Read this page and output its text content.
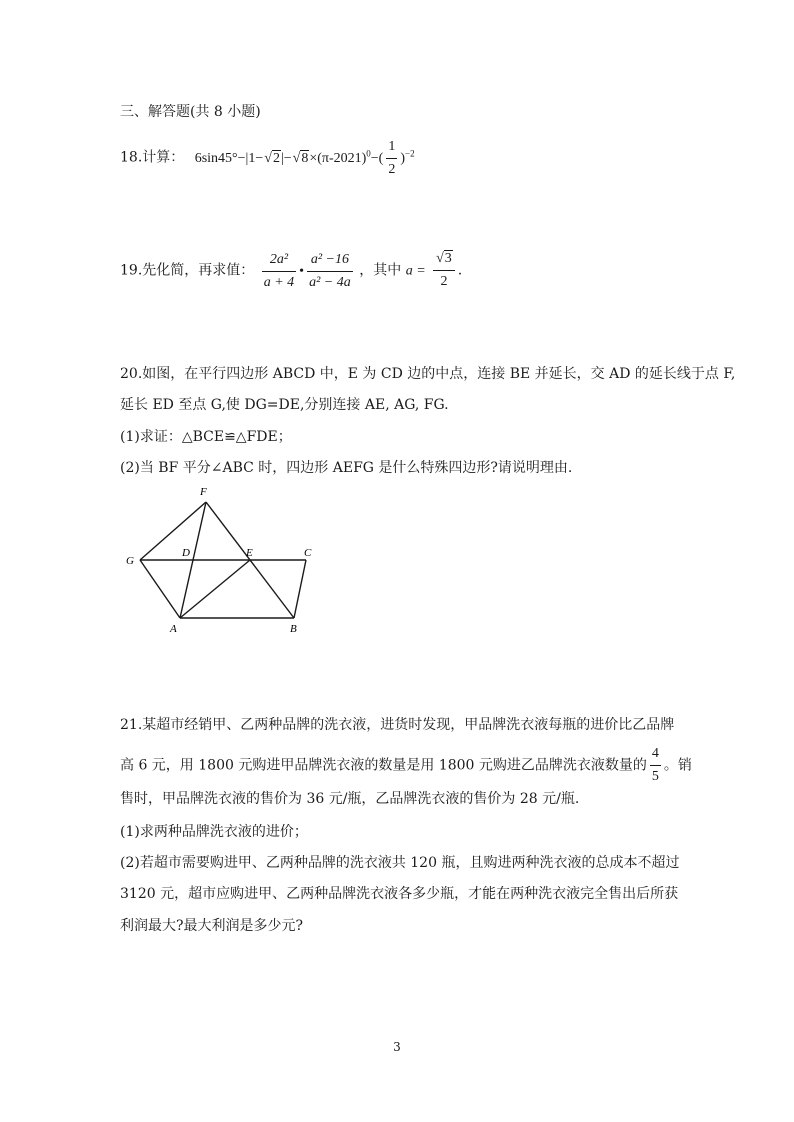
三、解答题(共 8 小题)
18.计算： $6\sin 45^\circ-|1-√2|-√8\times(\pi-2021)^0-( \frac{1}{2} )^{-2}$
19.先化简，再求值： $\frac{\text{2a²}}{a + 4}$ • $\frac{\text{a² −16}}{\text{a² − 4a}}$ ，其中 $a = \frac{√3}{2}$ .
20.如图，在平行四边形 ABCD 中，E 为 CD 边的中点，连接 BE 并延长，交 AD 的延长线于点 F,
延长 ED 至点 G,使 DG=DE,分别连接 AE, AG, FG.
(1)求证：△BCE≌△FDE；
(2)当 BF 平分∠ABC 时，四边形 AEFG 是什么特殊四边形?请说明理由.
F
G
D	E	C
A	B
21.某超市经销甲、乙两种品牌的洗衣液，进货时发现，甲品牌洗衣液每瓶的进价比乙品牌
高 6 元，用 1800 元购进甲品牌洗衣液的数量是用 1800 元购进乙品牌洗衣液数量的 $\frac{4}{5}$ 。销
售时，甲品牌洗衣液的售价为 36 元/瓶，乙品牌洗衣液的售价为 28 元/瓶.
(1)求两种品牌洗衣液的进价；
(2)若超市需要购进甲、乙两种品牌的洗衣液共 120 瓶，且购进两种洗衣液的总成本不超过
3120 元，超市应购进甲、乙两种品牌洗衣液各多少瓶，才能在两种洗衣液完全售出后所获
利润最大?最大利润是多少元?
3
